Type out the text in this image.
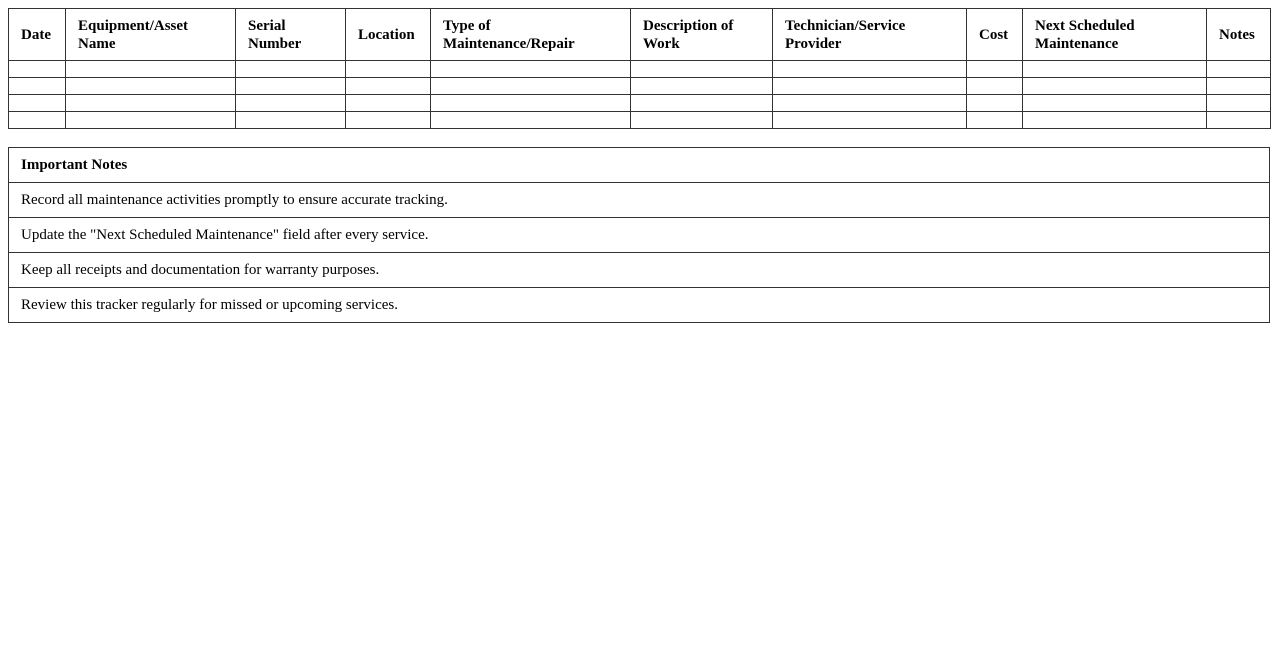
Date	Equipment/Asset Name	Serial Number	Location	Type of Maintenance/Repair	Description of Work	Technician/Service Provider	Cost	Next Scheduled Maintenance	Notes

Important Notes
Record all maintenance activities promptly to ensure accurate tracking.
Update the "Next Scheduled Maintenance" field after every service.
Keep all receipts and documentation for warranty purposes.
Review this tracker regularly for missed or upcoming services.
